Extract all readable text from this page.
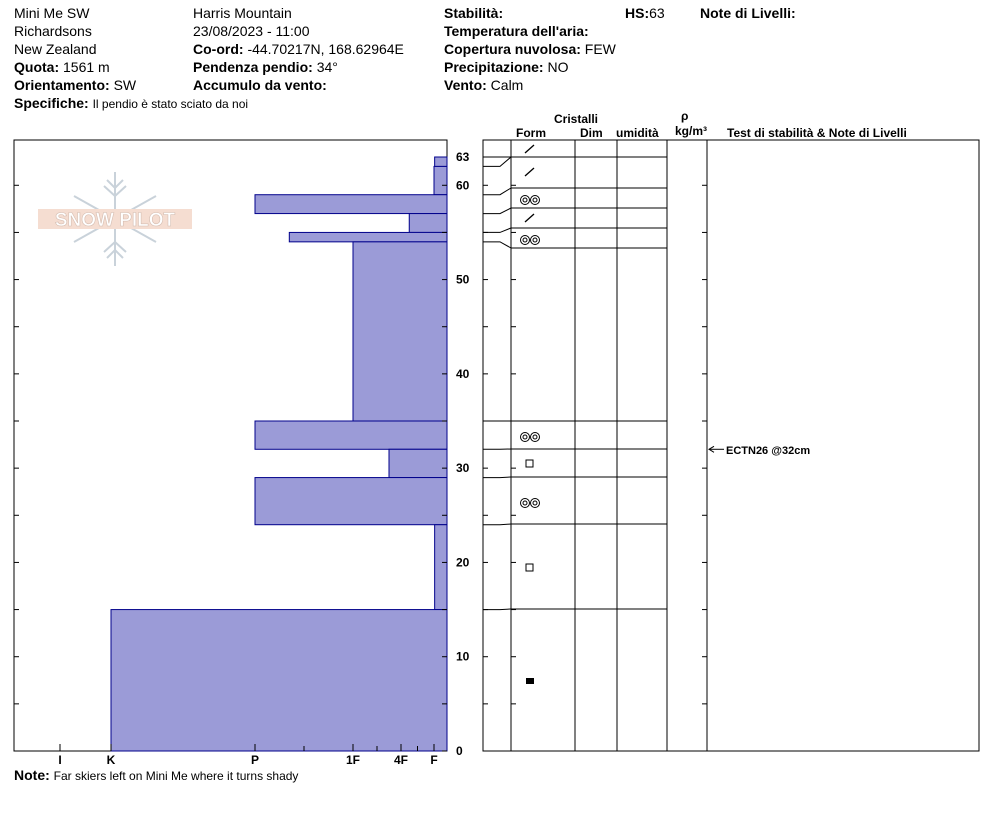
Mini Me SW
Richardsons
New Zealand
Quota: 1561 m
Orientamento: SW
Specifiche: Il pendio è stato sciato da noi
Harris Mountain
23/08/2023 - 11:00
Co-ord: -44.70217N, 168.62964E
Pendenza pendio: 34°
Accumulo da vento:
Stabilità:	HS:63
Temperatura dell'aria:
Copertura nuvolosa: FEW
Precipitazione: NO
Vento: Calm
Note di Livelli:
Cristalli
Form	Dim umidità
ρ
kg/m³ Test di stabilità & Note di Livelli
ECTN26 @32cm
Note: Far skiers left on Mini Me where it turns shady
SNOW PILOT
0
10
20
30
40
50
60
63
I	K	P	1F	4F F
